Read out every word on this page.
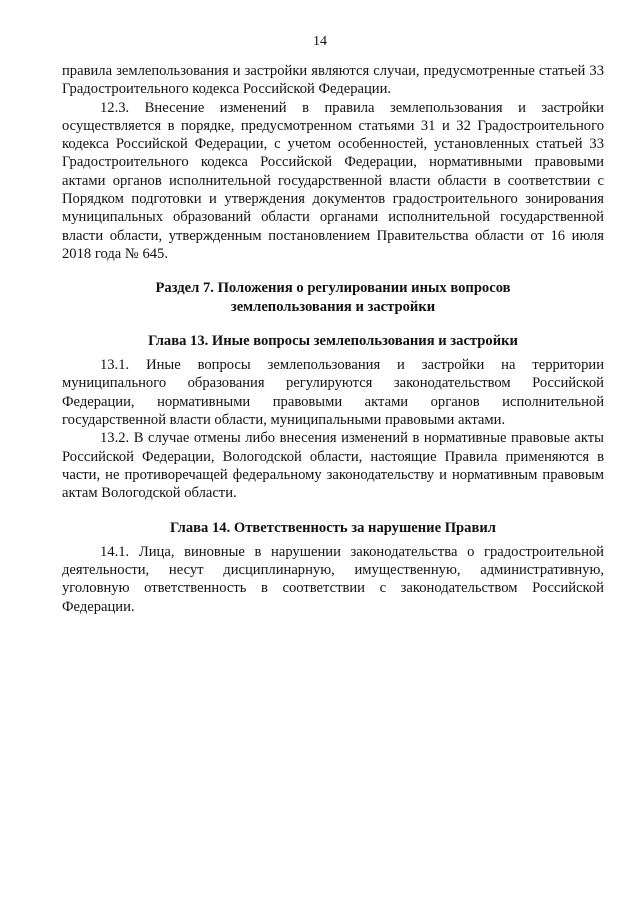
14

правила землепользования и застройки являются случаи, предусмотренные статьей 33 Градостроительного кодекса Российской Федерации.

12.3. Внесение изменений в правила землепользования и застройки осуществляется в порядке, предусмотренном статьями 31 и 32 Градостроительного кодекса Российской Федерации, с учетом особенностей, установленных статьей 33 Градостроительного кодекса Российской Федерации, нормативными правовыми актами органов исполнительной государственной власти области в соответствии с Порядком подготовки и утверждения документов градостроительного зонирования муниципальных образований области органами исполнительной государственной власти области, утвержденным постановлением Правительства области от 16 июля 2018 года № 645.

Раздел 7. Положения о регулировании иных вопросов
землепользования и застройки
Глава 13. Иные вопросы землепользования и застройки

13.1. Иные вопросы землепользования и застройки на территории муниципального образования регулируются законодательством Российской Федерации, нормативными правовыми актами органов исполнительной государственной власти области, муниципальными правовыми актами.

13.2. В случае отмены либо внесения изменений в нормативные правовые акты Российской Федерации, Вологодской области, настоящие Правила применяются в части, не противоречащей федеральному законодательству и нормативным правовым актам Вологодской области.

Глава 14. Ответственность за нарушение Правил

14.1. Лица, виновные в нарушении законодательства о градостроительной деятельности, несут дисциплинарную, имущественную, административную, уголовную ответственность в соответствии с законодательством Российской Федерации.
